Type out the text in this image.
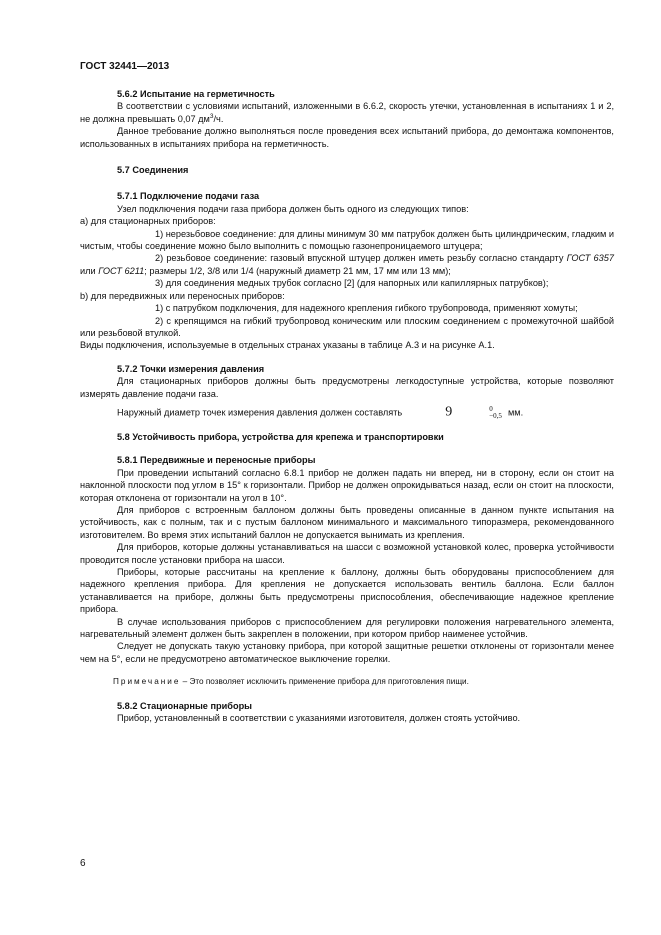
ГОСТ 32441—2013

5.6.2 Испытание на герметичность

В соответствии с условиями испытаний, изложенными в 6.6.2, скорость утечки, установленная в испытаниях 1 и 2, не должна превышать 0,07 $дм^3/ч$.

Данное требование должно выполняться после проведения всех испытаний прибора, до демонтажа компонентов, использованных в испытаниях прибора на герметичность.

5.7 Соединения

5.7.1 Подключение подачи газа

Узел подключения подачи газа прибора должен быть одного из следующих типов:

а) для стационарных приборов:

1) нерезьбовое соединение: для длины минимум 30 мм патрубок должен быть цилиндрическим, гладким и чистым, чтобы соединение можно было выполнить с помощью газонепроницаемого штуцера;

2) резьбовое соединение: газовый впускной штуцер должен иметь резьбу согласно стандарту ГОСТ 6357 или ГОСТ 6211; размеры 1/2, 3/8 или 1/4 (наружный диаметр 21 мм, 17 мм или 13 мм);

3) для соединения медных трубок согласно [2] (для напорных или капиллярных патрубков);

b) для передвижных или переносных приборов:

1) с патрубком подключения, для надежного крепления гибкого трубопровода, применяют хомуты;

2) с крепящимся на гибкий трубопровод коническим или плоским соединением с промежуточной шайбой или резьбовой втулкой.

Виды подключения, используемые в отдельных странах указаны в таблице А.3 и на рисунке А.1.

5.7.2 Точки измерения давления

Для стационарных приборов должны быть предусмотрены легкодоступные устройства, которые позволяют измерять давление подачи газа.

Наружный диаметр точек измерения давления должен составлять	9	0
−0,5 мм.

5.8 Устойчивость прибора, устройства для крепежа и транспортировки

5.8.1 Передвижные и переносные приборы

При проведении испытаний согласно 6.8.1 прибор не должен падать ни вперед, ни в сторону, если он стоит на наклонной плоскости под углом в 15° к горизонтали. Прибор не должен опрокидываться назад, если он стоит на плоскости, которая отклонена от горизонтали на угол в 10°.

Для приборов с встроенным баллоном должны быть проведены описанные в данном пункте испытания на устойчивость, как с полным, так и с пустым баллоном минимального и максимального типоразмера, рекомендованного изготовителем. Во время этих испытаний баллон не допускается вынимать из крепления.

Для приборов, которые должны устанавливаться на шасси с возможной установкой колес, проверка устойчивости проводится после установки прибора на шасси.

Приборы, которые рассчитаны на крепление к баллону, должны быть оборудованы приспособлением для надежного крепления прибора. Для крепления не допускается использовать вентиль баллона. Если баллон устанавливается на приборе, должны быть предусмотрены приспособления, обеспечивающие надежное крепление прибора.

В случае использования приборов с приспособлением для регулировки положения нагревательного элемента, нагревательный элемент должен быть закреплен в положении, при котором прибор наименее устойчив.

Следует не допускать такую установку прибора, при которой защитные решетки отклонены от горизонтали менее чем на 5°, если не предусмотрено автоматическое выключение горелки.

Примечание – Это позволяет исключить применение прибора для приготовления пищи.

5.8.2 Стационарные приборы

Прибор, установленный в соответствии с указаниями изготовителя, должен стоять устойчиво.

6
